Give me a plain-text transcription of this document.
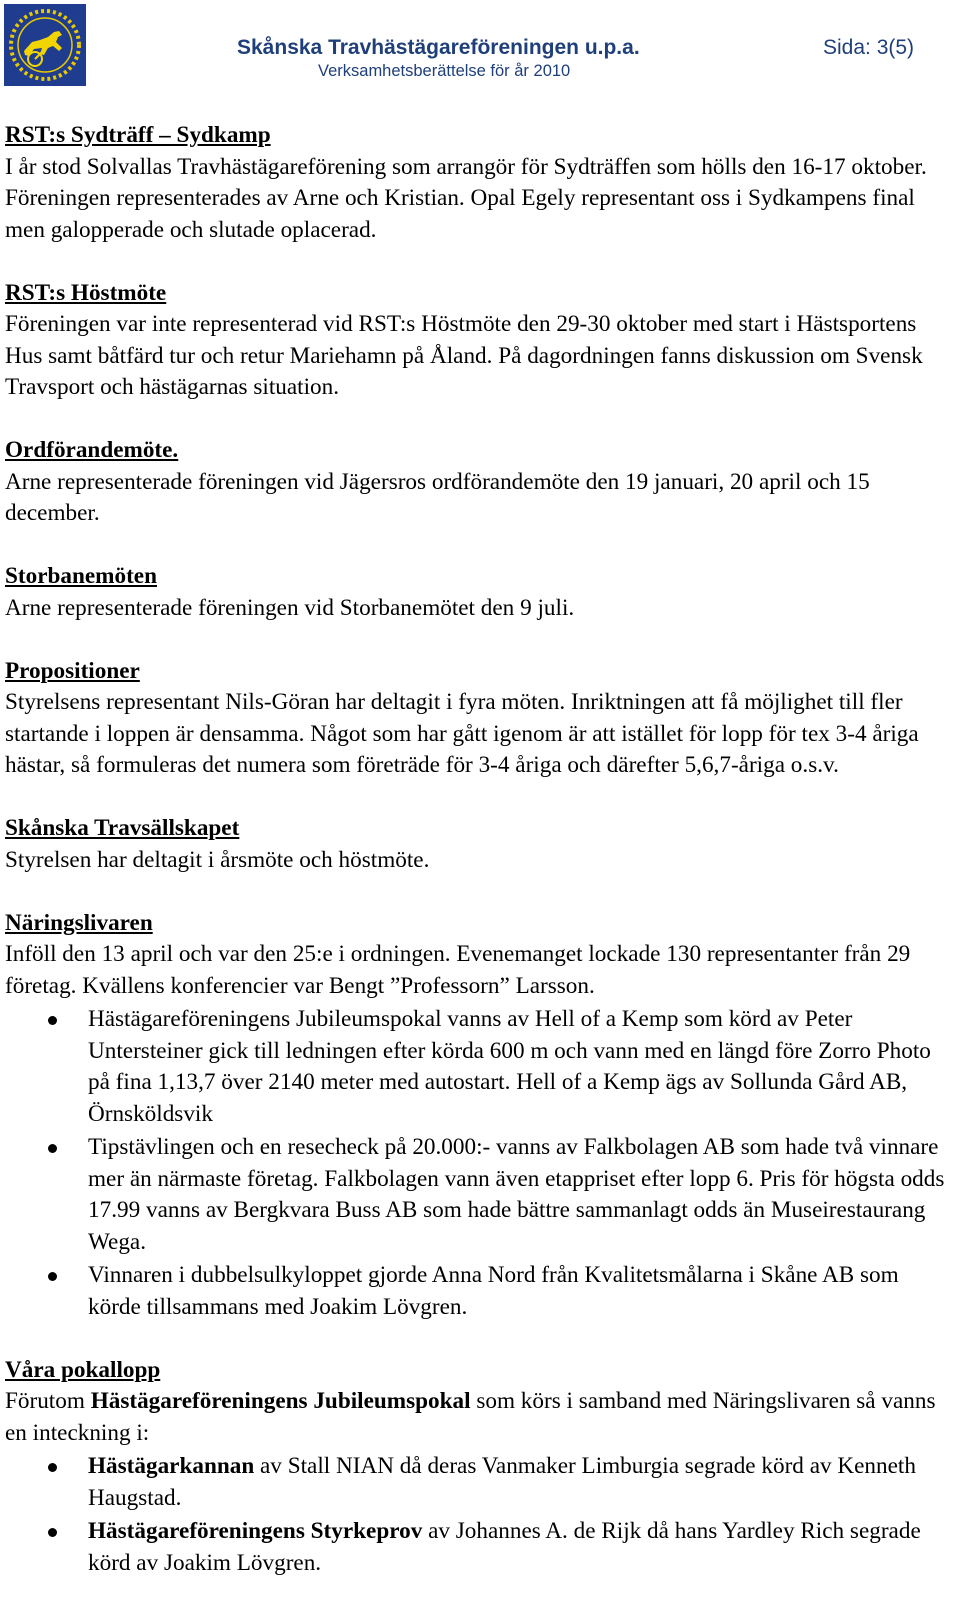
Skånska Travhästägareföreningen u.p.a.	Sida: 3(5)
Verksamhetsberättelse för år 2010
RST:s Sydträff – Sydkamp

I år stod Solvallas Travhästägareförening som arrangör för Sydträffen som hölls den 16-17 oktober. Föreningen representerades av Arne och Kristian. Opal Egely representant oss i Sydkampens final men galopperade och slutade oplacerad.

RST:s Höstmöte

Föreningen var inte representerad vid RST:s Höstmöte den 29-30 oktober med start i Hästsportens Hus samt båtfärd tur och retur Mariehamn på Åland. På dagordningen fanns diskussion om Svensk Travsport och hästägarnas situation.

Ordförandemöte.

Arne representerade föreningen vid Jägersros ordförandemöte den 19 januari, 20 april och 15 december.

Storbanemöten

Arne representerade föreningen vid Storbanemötet den 9 juli.

Propositioner

Styrelsens representant Nils-Göran har deltagit i fyra möten. Inriktningen att få möjlighet till fler startande i loppen är densamma. Något som har gått igenom är att istället för lopp för tex 3-4 åriga hästar, så formuleras det numera som företräde för 3-4 åriga och därefter 5,6,7-åriga o.s.v.

Skånska Travsällskapet

Styrelsen har deltagit i årsmöte och höstmöte.

Näringslivaren

Inföll den 13 april och var den 25:e i ordningen. Evenemanget lockade 130 representanter från 29 företag. Kvällens konferencier var Bengt ”Professorn” Larsson.

Hästägareföreningens Jubileumspokal vanns av Hell of a Kemp som körd av Peter Untersteiner gick till ledningen efter körda 600 m och vann med en längd före Zorro Photo på fina 1,13,7 över 2140 meter med autostart. Hell of a Kemp ägs av Sollunda Gård AB, Örnsköldsvik
Tipstävlingen och en resecheck på 20.000:- vanns av Falkbolagen AB som hade två vinnare mer än närmaste företag. Falkbolagen vann även etappriset efter lopp 6. Pris för högsta odds 17.99 vanns av Bergkvara Buss AB som hade bättre sammanlagt odds än Museirestaurang Wega.
Vinnaren i dubbelsulkyloppet gjorde Anna Nord från Kvalitetsmålarna i Skåne AB som körde tillsammans med Joakim Lövgren.
Våra pokallopp

Förutom Hästägareföreningens Jubileumspokal som körs i samband med Näringslivaren så vanns en inteckning i:

Hästägarkannan av Stall NIAN då deras Vanmaker Limburgia segrade körd av Kenneth Haugstad.
Hästägareföreningens Styrkeprov av Johannes A. de Rijk då hans Yardley Rich segrade körd av Joakim Lövgren.
